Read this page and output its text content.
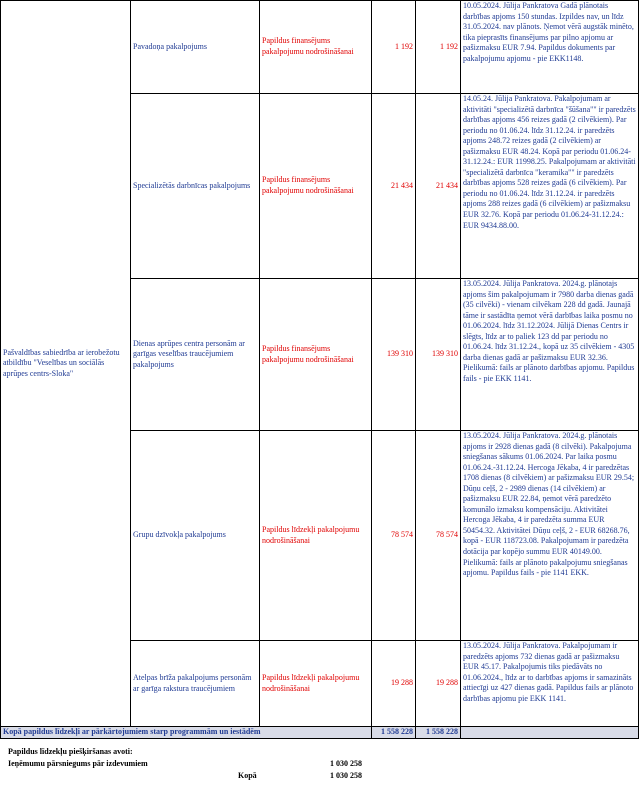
Pašvaldības sabiedrība ar ierobežotu atbildību "Veselības un sociālās aprūpes centrs-Sloka"	Pavadoņa pakalpojums	Papildus finansējums pakalpojumu nodrošināšanai	1 192	1 192	10.05.2024. Jūlija Pankratova Gadā plānotais darbības apjoms 150 stundas. Izpildes nav, un līdz 31.05.2024. nav plānots. Ņemot vērā augstāk minēto, tika pieprasīts finansējums par pilno apjomu ar pašizmaksu EUR 7.94. Papildus dokuments par pakalpojumu apjomu - pie EKK1148.

	Specializētās darbnīcas pakalpojums	Papildus finansējums pakalpojumu nodrošināšanai	21 434	21 434	14.05.24. Jūlija Pankratova. Pakalpojumam ar aktivitāti "specializētā darbnīca "šūšana"" ir paredzēts darbības apjoms 456 reizes gadā (2 cilvēkiem). Par periodu no 01.06.24. līdz 31.12.24. ir paredzēts apjoms 248.72 reizes gadā (2 cilvēkiem) ar pašizmaksu EUR 48.24. Kopā par periodu 01.06.24-31.12.24.: EUR 11998.25. Pakalpojumam ar aktivitāti "specializētā darbnīca "keramika"" ir paredzēts darbības apjoms 528 reizes gadā (6 cilvēkiem). Par periodu no 01.06.24. līdz 31.12.24. ir paredzēts apjoms 288 reizes gadā (6 cilvēkiem) ar pašizmaksu EUR 32.76. Kopā par periodu 01.06.24-31.12.24.: EUR 9434.88.00.

	Dienas aprūpes centra personām ar garīgas veselības traucējumiem pakalpojums	Papildus finansējums pakalpojumu nodrošināšanai	139 310	139 310	13.05.2024. Jūlija Pankratova. 2024.g. plānotajs apjoms šim pakalpojumam ir 7980 darba dienas gadā (35 cilvēki) - vienam cilvēkam 228 dd gadā. Jaunajā tāme ir sastādīta ņemot vērā darbības laika posmu no 01.06.2024. līdz 31.12.2024. Jūlijā Dienas Centrs ir slēgts, līdz ar to paliek 123 dd par periodu no 01.06.24. līdz 31.12.24., kopā uz 35 cilvēkiem - 4305 darba dienas gadā ar pašizmaksu EUR 32.36. Pielikumā: fails ar plānoto darbības apjomu. Papildus fails - pie EKK 1141.

	Grupu dzīvokļa pakalpojums	Papildus līdzekļi pakalpojumu nodrošināšanai	78 574	78 574	13.05.2024. Jūlija Pankratova. 2024.g. plānotais apjoms ir 2928 dienas gadā (8 cilvēki). Pakalpojuma sniegšanas sākums 01.06.2024. Par laika posmu 01.06.24.-31.12.24. Hercoga Jēkaba, 4 ir paredzētas 1708 dienas (8 cilvēkiem) ar pašizmaksu EUR 29.54; Dūņu ceļš, 2 - 2989 dienas (14 cilvēkiem) ar pašizmaksu EUR 22.84, ņemot vērā paredzēto komunālo izmaksu kompensāciju. Aktivitātei Hercoga Jēkaba, 4 ir paredzēta summa EUR 50454.32. Aktivitātei Dūņu ceļš, 2 - EUR 68268.76, kopā - EUR 118723.08. Pakalpojumam ir paredzēta dotācija par kopējo summu EUR 40149.00. Pielikumā: fails ar plānoto pakalpojumu sniegšanas apjomu. Papildus fails - pie 1141 EKK.

	Atelpas brīža pakalpojums personām ar garīga rakstura traucējumiem	Papildus līdzekļi pakalpojumu nodrošināšanai	19 288	19 288	13.05.2024. Jūlija Pankratova. Pakalpojumam ir paredzēts apjoms 732 dienas gadā ar pašizmaksu EUR 45.17. Pakalpojumis tiks piedāvāts no 01.06.2024., līdz ar to darbības apjoms ir samazināts attiecīgi uz 427 dienas gadā. Papildus fails ar plānoto darbības apjomu pie EKK 1141.

Kopā papildus līdzekļi ar pārkārtojumiem starp programmām un iestādēm			1 558 228	1 558 228	
Papildus līdzekļu piešķiršanas avoti:
Ieņēmumu pārsniegums pār izdevumiem	1 030 258
Kopā	1 030 258
